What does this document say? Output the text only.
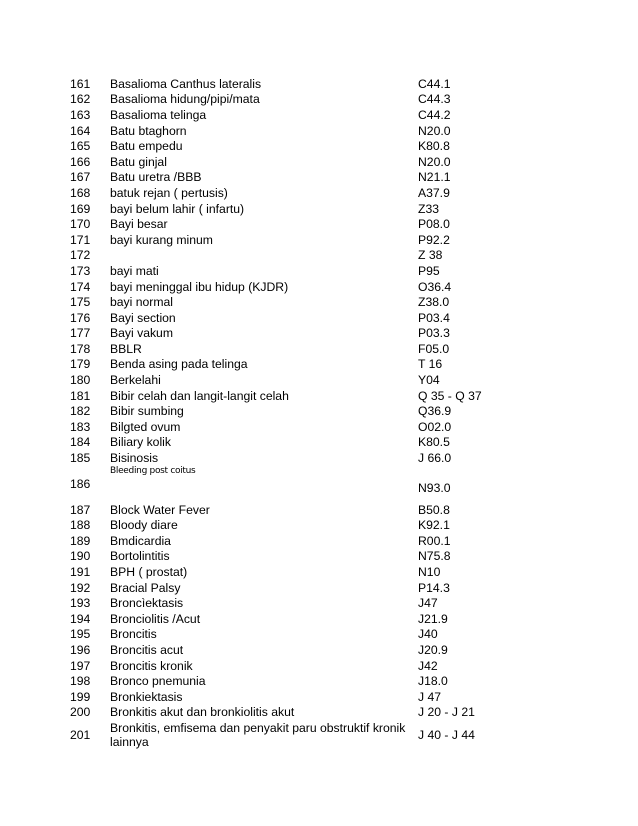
161	Basalioma Canthus lateralis	C44.1
162	Basalioma hidung/pipi/mata	C44.3
163	Basalioma telinga	C44.2
164	Batu btaghorn	N20.0
165	Batu empedu	K80.8
166	Batu ginjal	N20.0
167	Batu uretra /BBB	N21.1
168	batuk rejan ( pertusis)	A37.9
169	bayi belum lahir ( infartu)	Z33
170	Bayi besar	P08.0
171	bayi kurang minum	P92.2
172		Z 38
173	bayi mati	P95
174	bayi meninggal ibu hidup (KJDR)	O36.4
175	bayi normal	Z38.0
176	Bayi section	P03.4
177	Bayi vakum	P03.3
178	BBLR	F05.0
179	Benda asing pada telinga	T 16
180	Berkelahi	Y04
181	Bibir celah dan langit-langit celah	Q 35 - Q 37
182	Bibir sumbing	Q36.9
183	Bilgted ovum	O02.0
184	Biliary kolik	K80.5
185	Bisinosis	J 66.0
186	Bleeding post coitus	N93.0
187	Block Water Fever	B50.8
188	Bloody diare	K92.1
189	Bmdicardia	R00.1
190	Bortolintitis	N75.8
191	BPH ( prostat)	N10
192	Bracial Palsy	P14.3
193	Broncìektasis	J47
194	Bronciolitis /Acut	J21.9
195	Broncitis	J40
196	Broncitis acut	J20.9
197	Broncitis kronik	J42
198	Bronco pnemunia	J18.0
199	Bronkiektasis	J 47
200	Bronkitis akut dan bronkiolitis akut	J 20 - J 21
201	Bronkitis, emfisema dan penyakit paru obstruktif kronik lainnya	J 40 - J 44
